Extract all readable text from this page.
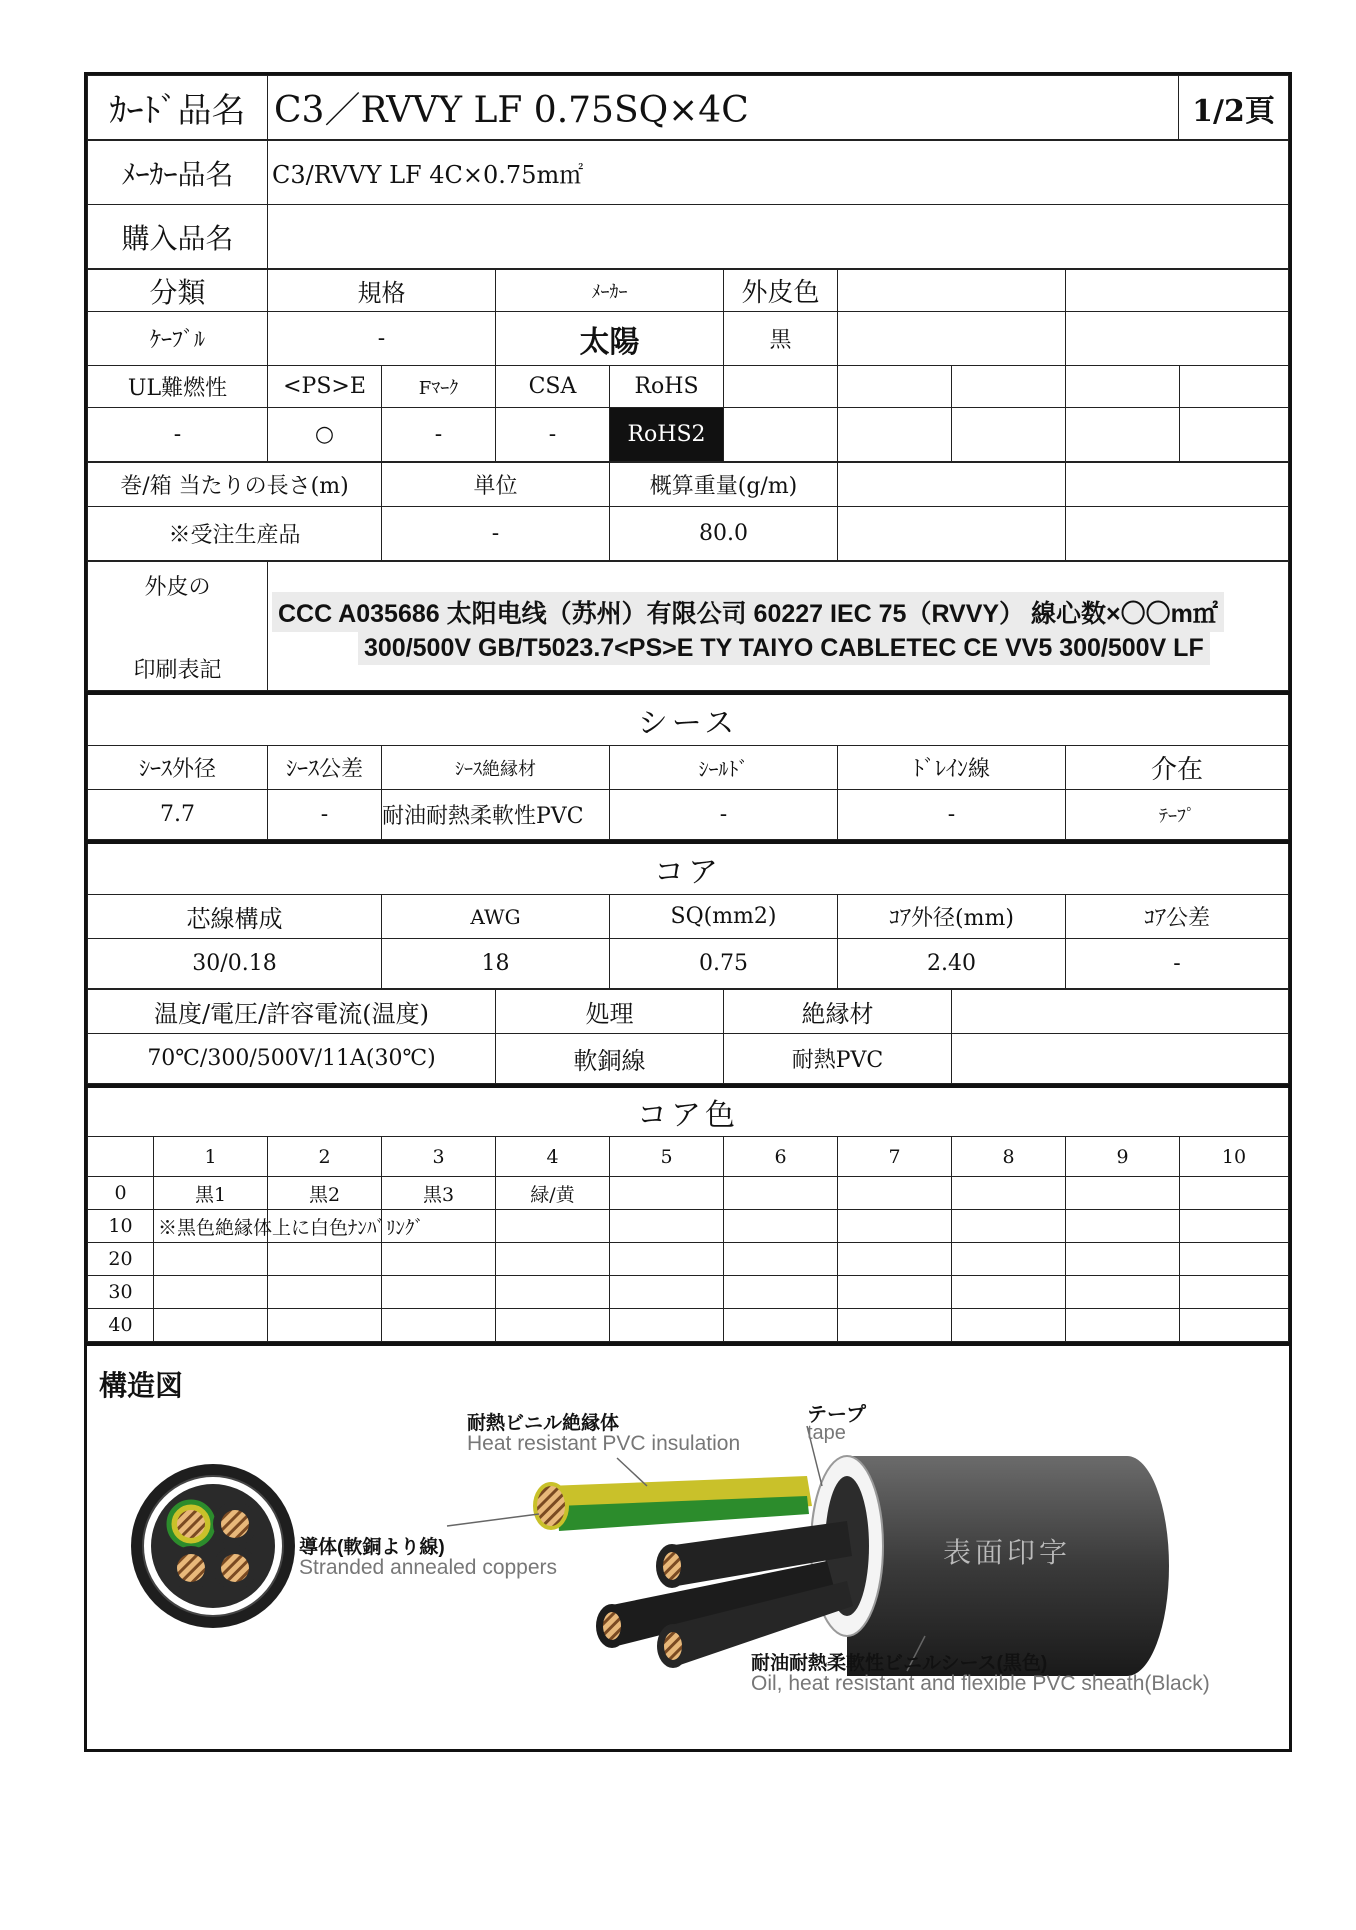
ｶｰﾄﾞ品名	C3／RVVY LF 0.75SQ×4C	1/2頁
ﾒｰｶｰ品名	C3/RVVY LF 4C×0.75m㎡
購入品名	
分類	規格		ﾒｰｶｰ		外皮色				
ｹｰﾌﾞﾙ	-		太陽		黒				
UL難燃性	<PS>E	Fﾏｰｸ	CSA	RoHS					
-	○	-	-	RoHS2					
巻/箱 当たりの長さ(m)	単位	概算重量(g/m)		
※受注生産品	-	80.0		
外皮の
印刷表記

CCC A035686 太阳电线（苏州）有限公司 60227 IEC 75（RVVY） 線心数×〇〇m㎡
300/500V GB/T5023.7<PS>E TY TAIYO CABLETEC CE VV5 300/500V LF
シース					
ｼｰｽ外径	ｼｰｽ公差	ｼｰｽ絶縁材	ｼｰﾙﾄﾞ	ﾄﾞﾚｲﾝ線	介在
7.7	-	耐油耐熱柔軟性PVC	-	-	ﾃｰﾌﾟ
コア				
芯線構成	AWG	SQ(mm2)	ｺｱ外径(mm)	ｺｱ公差
30/0.18	18	0.75	2.40	-
温度/電圧/許容電流(温度)	処理	絶縁材	
70℃/300/500V/11A(30℃)	軟銅線	耐熱PVC	
コア色										
	1	2	3	4	5	6	7	8	9	10
0	黒1	黒2	黒3	緑/黄						
10	※黒色絶縁体上に白色ﾅﾝﾊﾞﾘﾝｸﾞ									
20										
30										
40										
構造図
耐熱ビニル絶縁体
Heat resistant PVC insulation
テープ
tape
導体(軟銅より線)
Stranded annealed coppers	表面印字
耐油耐熱柔軟性ビニルシース(黒色)
Oil, heat resistant and flexible PVC sheath(Black)
